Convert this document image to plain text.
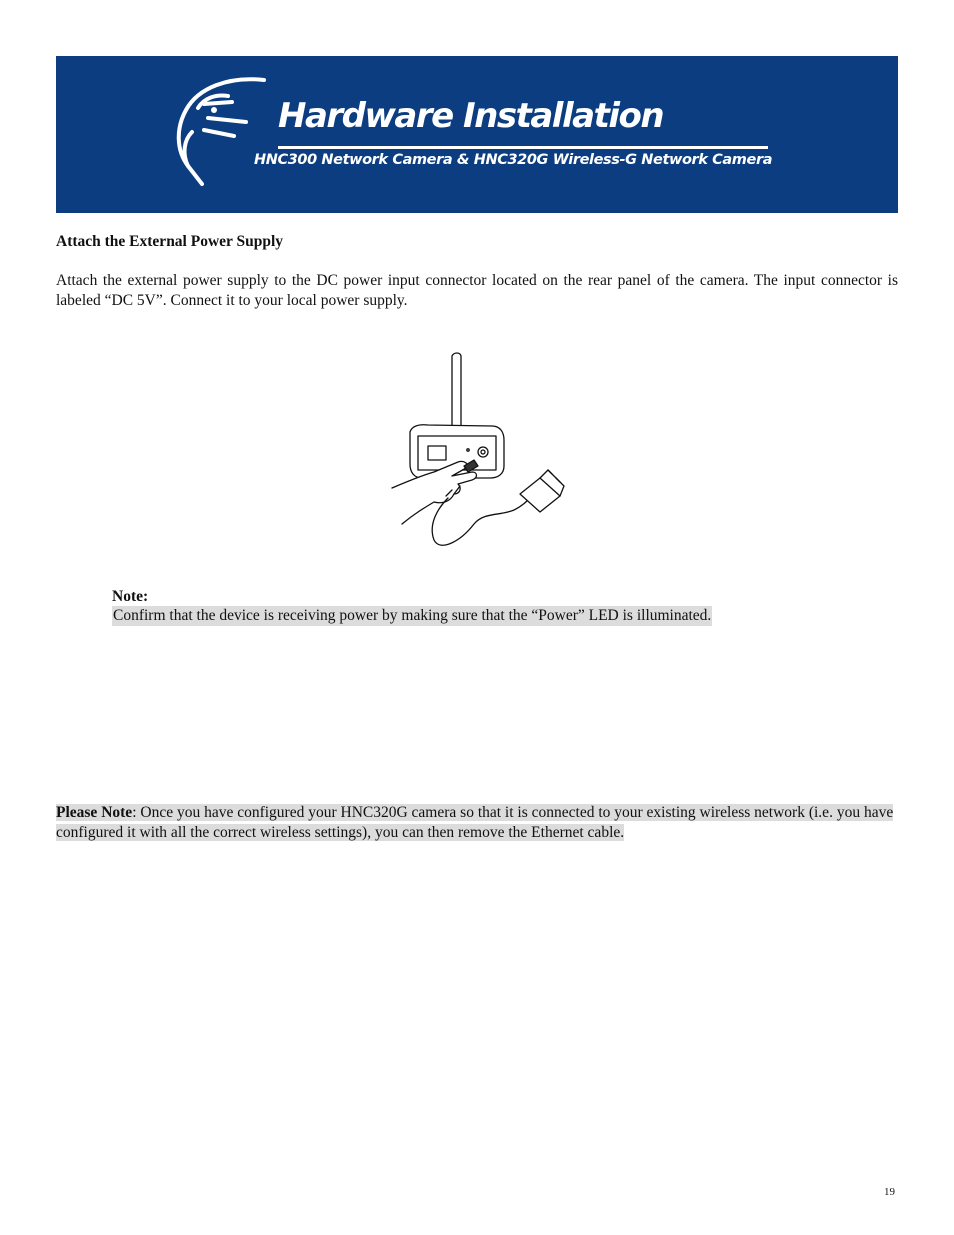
Hardware Installation
HNC300 Network Camera & HNC320G Wireless-G Network Camera
Attach the External Power Supply
Attach the external power supply to the DC power input connector located on the rear panel of the camera. The input connector is labeled “DC 5V”. Connect it to your local power supply.
Note:
Confirm that the device is receiving power by making sure that the “Power” LED is illuminated.
Please Note: Once you have configured your HNC320G camera so that it is connected to your existing wireless network (i.e. you have configured it with all the correct wireless settings), you can then remove the Ethernet cable.
19
